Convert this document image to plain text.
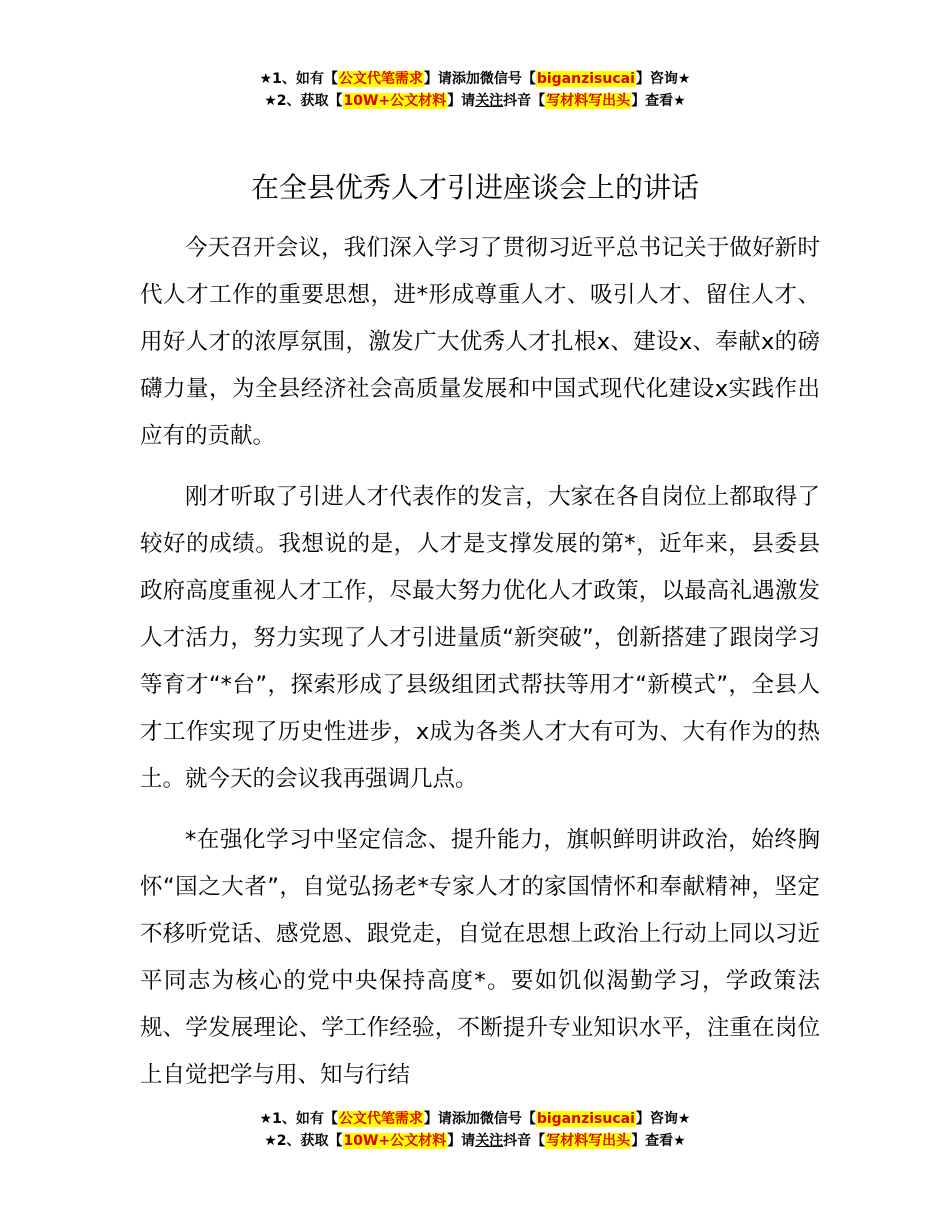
★1、如有【公文代笔需求】请添加微信号【biganzisucai】咨询★
★2、获取【10W+公文材料】请关注抖音【写材料写出头】查看★
在全县优秀人才引进座谈会上的讲话

今天召开会议，我们深入学习了贯彻习近平总书记关于做好新时代人才工作的重要思想，进*形成尊重人才、吸引人才、留住人才、用好人才的浓厚氛围，激发广大优秀人才扎根x、建设x、奉献x的磅礴力量，为全县经济社会高质量发展和中国式现代化建设x实践作出应有的贡献。

刚才听取了引进人才代表作的发言，大家在各自岗位上都取得了较好的成绩。我想说的是，人才是支撑发展的第*，近年来，县委县政府高度重视人才工作，尽最大努力优化人才政策，以最高礼遇激发人才活力，努力实现了人才引进量质“新突破”，创新搭建了跟岗学习等育才“*台”，探索形成了县级组团式帮扶等用才“新模式”，全县人才工作实现了历史性进步，x成为各类人才大有可为、大有作为的热土。就今天的会议我再强调几点。

*在强化学习中坚定信念、提升能力，旗帜鲜明讲政治，始终胸怀“国之大者”，自觉弘扬老*专家人才的家国情怀和奉献精神，坚定不移听党话、感党恩、跟党走，自觉在思想上政治上行动上同以习近平同志为核心的党中央保持高度*。要如饥似渴勤学习，学政策法规、学发展理论、学工作经验，不断提升专业知识水平，注重在岗位上自觉把学与用、知与行结

★1、如有【公文代笔需求】请添加微信号【biganzisucai】咨询★
★2、获取【10W+公文材料】请关注抖音【写材料写出头】查看★
